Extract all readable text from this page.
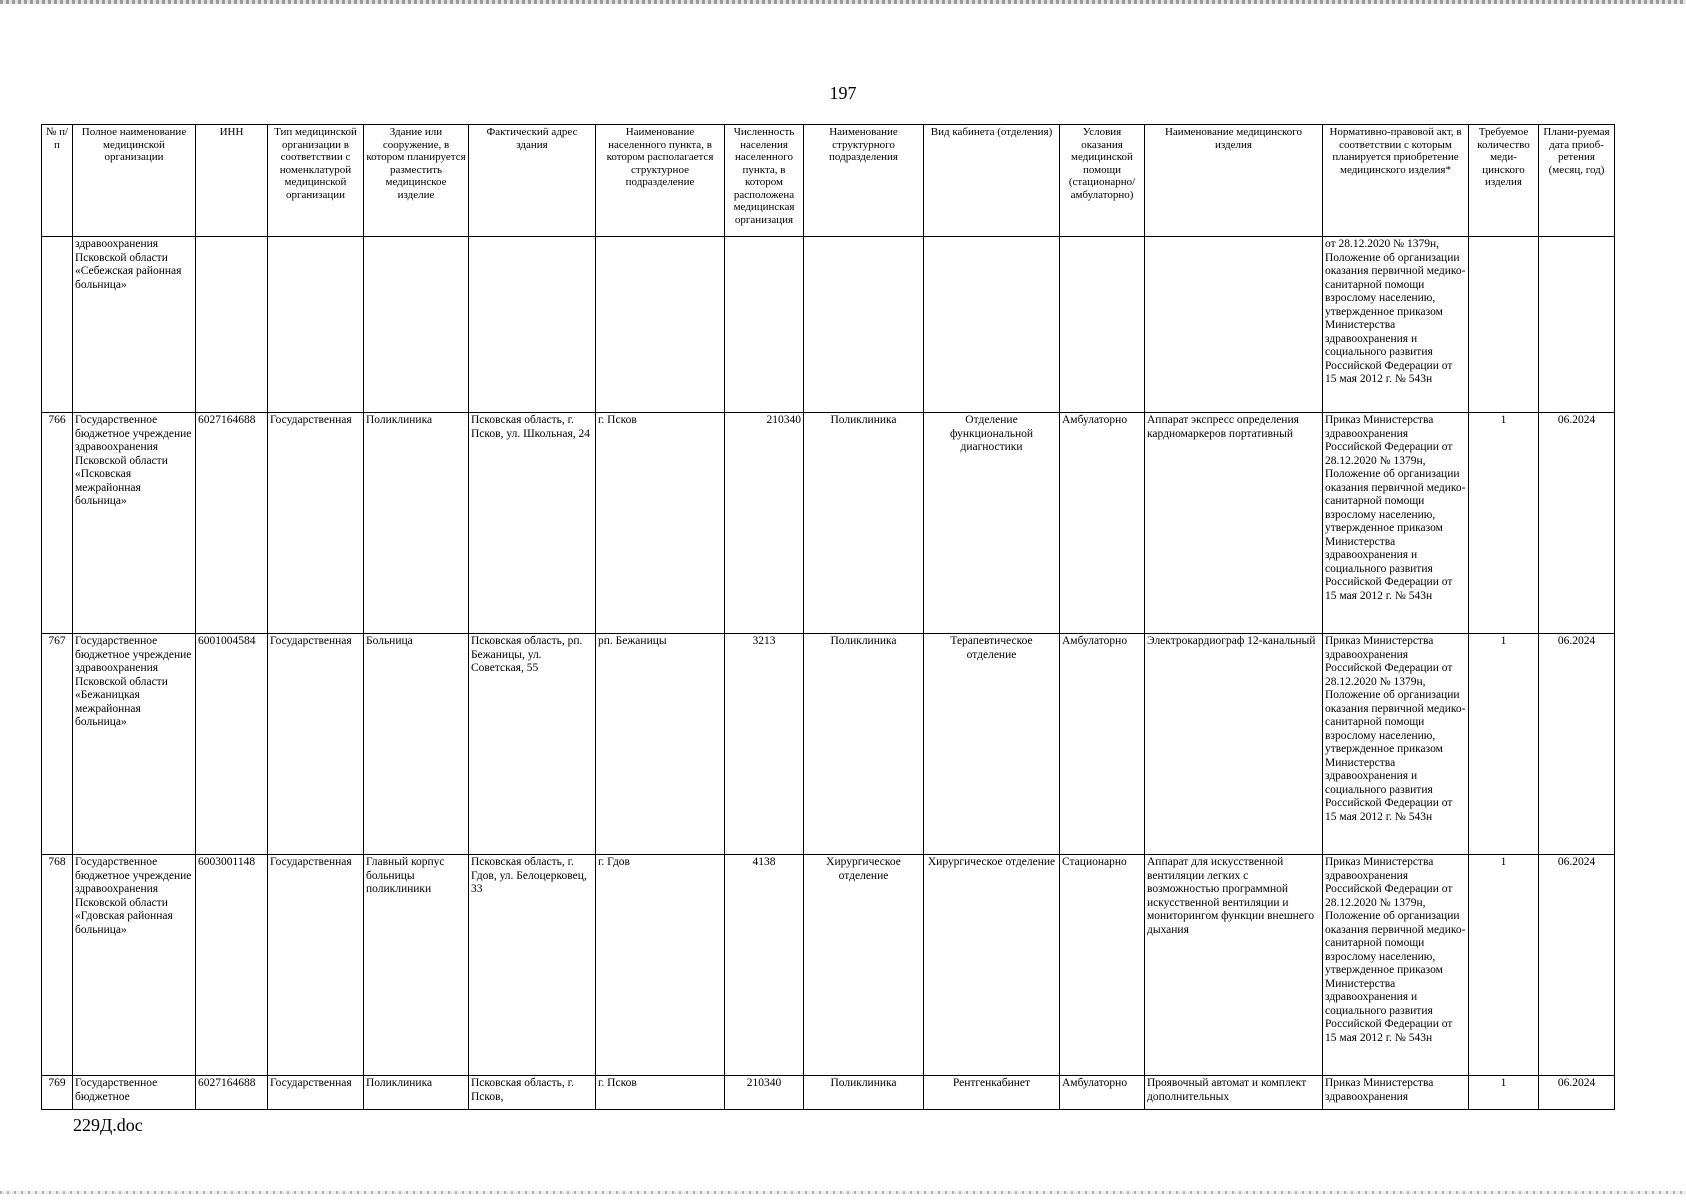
197
№ п/п	Полное наименование медицинской организации	ИНН	Тип медицинской организации в соответствии с номенклатурой медицинской организации	Здание или сооружение, в котором планируется разместить медицинское изделие	Фактический адрес здания	Наименование населенного пункта, в котором располагается структурное подразделение	Численность населения населенного пункта, в котором расположена медицинская организация	Наименование структурного подразделения	Вид кабинета (отделения)	Условия оказания медицинской помощи (стационарно/ амбулаторно)	Наименование медицинского изделия	Нормативно-правовой акт, в соответствии с которым планируется приобретение медицинского изделия*	Требуемое количество меди-цинского изделия	Плани-руемая дата приоб-ретения (месяц, год)
	здравоохранения Псковской области «Себежская районная больница»											от 28.12.2020 № 1379н, Положение об организации оказания первичной медико-санитарной помощи взрослому населению, утвержденное приказом Министерства здравоохранения и социального развития Российской Федерации от 15 мая 2012 г. № 543н		
766	Государственное бюджетное учреждение здравоохранения Псковской области «Псковская межрайонная больница»	6027164688	Государственная	Поликлиника	Псковская область, г. Псков, ул. Школьная, 24	г. Псков	210340	Поликлиника	Отделение функциональной диагностики	Амбулаторно	Аппарат экспресс определения кардиомаркеров портативный	Приказ Министерства здравоохранения Российской Федерации от 28.12.2020 № 1379н, Положение об организации оказания первичной медико-санитарной помощи взрослому населению, утвержденное приказом Министерства здравоохранения и социального развития Российской Федерации от 15 мая 2012 г. № 543н	1	06.2024
767	Государственное бюджетное учреждение здравоохранения Псковской области «Бежаницкая межрайонная больница»	6001004584	Государственная	Больница	Псковская область, рп. Бежаницы, ул. Советская, 55	рп. Бежаницы	3213	Поликлиника	Терапевтическое отделение	Амбулаторно	Электрокардиограф 12-канальный	Приказ Министерства здравоохранения Российской Федерации от 28.12.2020 № 1379н, Положение об организации оказания первичной медико-санитарной помощи взрослому населению, утвержденное приказом Министерства здравоохранения и социального развития Российской Федерации от 15 мая 2012 г. № 543н	1	06.2024
768	Государственное бюджетное учреждение здравоохранения Псковской области «Гдовская районная больница»	6003001148	Государственная	Главный корпус больницы поликлиники	Псковская область, г. Гдов, ул. Белоцерковец, 33	г. Гдов	4138	Хирургическое отделение	Хирургическое отделение	Стационарно	Аппарат для искусственной вентиляции легких с возможностью программной искусственной вентиляции и мониторингом функции внешнего дыхания	Приказ Министерства здравоохранения Российской Федерации от 28.12.2020 № 1379н, Положение об организации оказания первичной медико-санитарной помощи взрослому населению, утвержденное приказом Министерства здравоохранения и социального развития Российской Федерации от 15 мая 2012 г. № 543н	1	06.2024
769	Государственное бюджетное	6027164688	Государственная	Поликлиника	Псковская область, г. Псков,	г. Псков	210340	Поликлиника	Рентгенкабинет	Амбулаторно	Проявочный автомат и комплект дополнительных	Приказ Министерства здравоохранения	1	06.2024
229Д.doc
